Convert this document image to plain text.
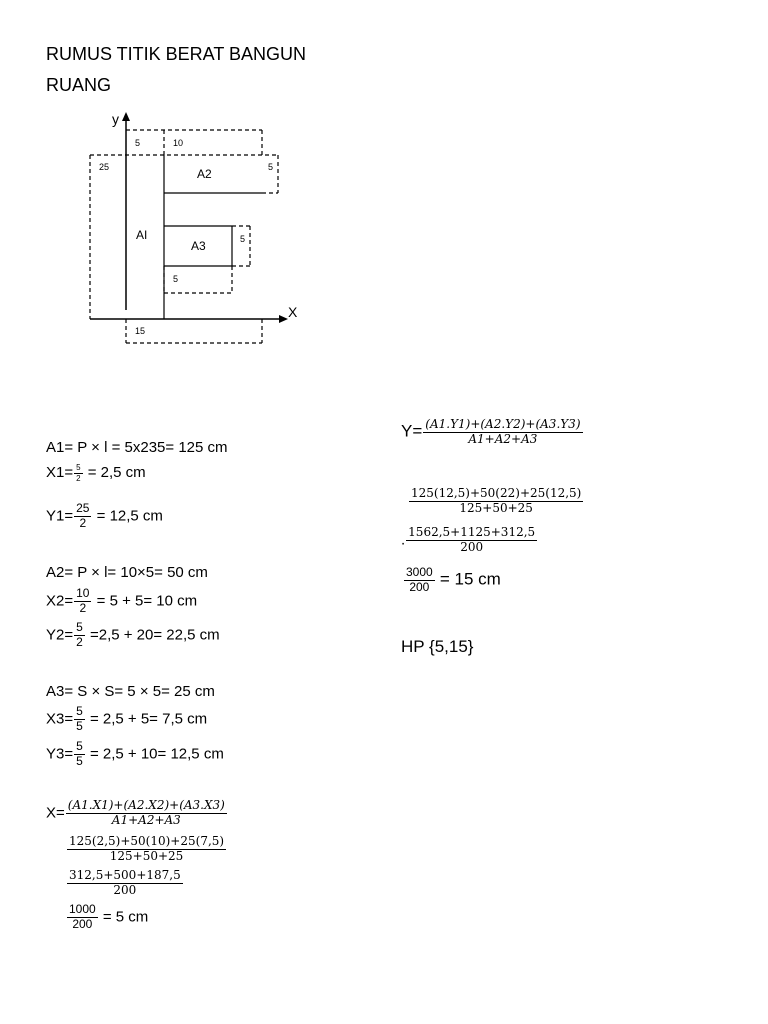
RUMUS TITIK BERAT BANGUN
RUANG
y
X
5	10
25	5
AI
A2
A3	5
5
15
A1= P × l = 5x235= 125 cm
$X1= \frac{5}{2} = 2,5$ cm
$Y1= \frac{25}{2} = 12,5$ cm
A2= P × l= 10×5= 50 cm
$X2= \frac{10}{2} = 5 + 5= 10$ cm
$Y2= \frac{5}{2} =2,5 + 20= 22,5$ cm
A3= S × S= 5 × 5= 25 cm
$X3= \frac{5}{5} = 2,5 + 5= 7,5$ cm
$Y3= \frac{5}{5} = 2,5 + 10= 12,5$ cm
$X= \frac{(A1.X1)+(A2.X2)+(A3.X3)}{A1+A2+A3}$
$\frac{125(2,5)+50(10)+25(7,5)}{125+50+25}$
$\frac{312,5+500+187,5}{200}$
$\frac{1000}{200} = 5$ cm
$Y= \frac{(A1.Y1)+(A2.Y2)+(A3.Y3)}{A1+A2+A3}$
$\frac{125(12,5)+50(22)+25(12,5)}{125+50+25}$
. $\frac{1562,5+1125+312,5}{200}$
$\frac{3000}{200} = 15$ cm
HP {5,15}
